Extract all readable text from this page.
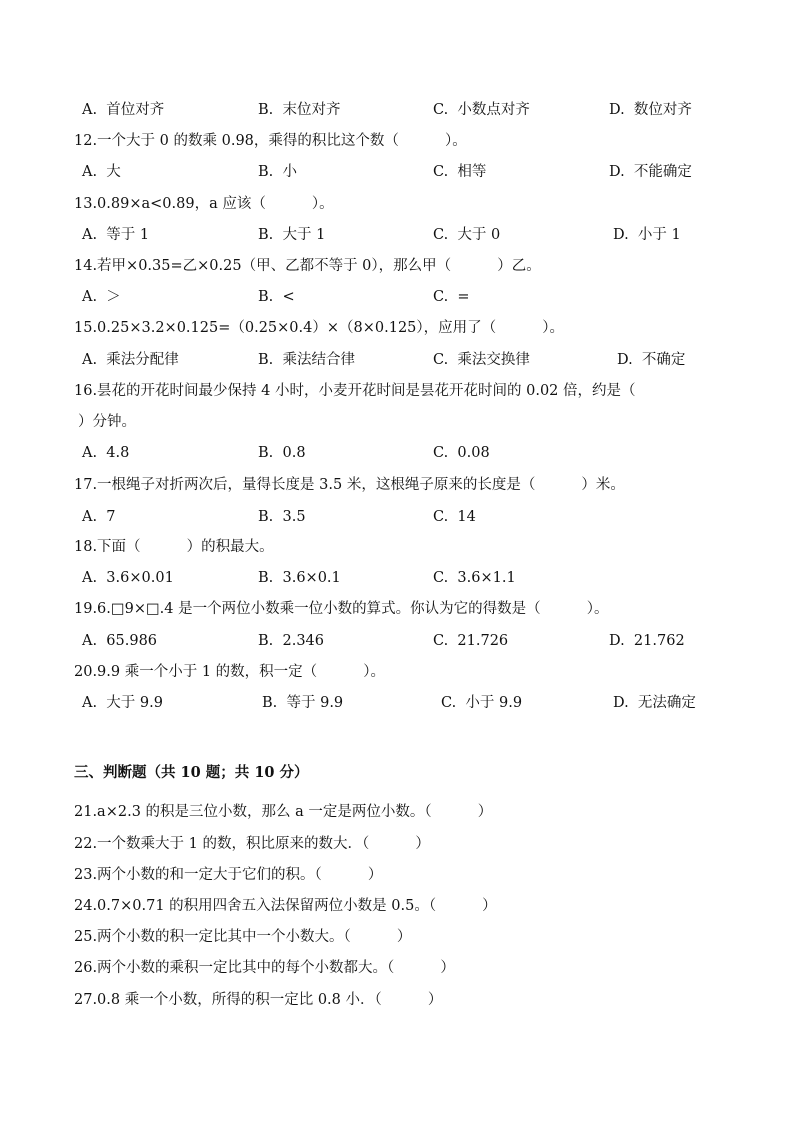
A.  首位对齐	B.  末位对齐	C.  小数点对齐	D.  数位对齐
12.一个大于 0 的数乘 0.98，乘得的积比这个数（          ）。
A.  大	B.  小	C.  相等	D.  不能确定
13.0.89×a<0.89，a 应该（          ）。
A.  等于 1	B.  大于 1	C.  大于 0	D.  小于 1
14.若甲×0.35=乙×0.25（甲、乙都不等于 0），那么甲（          ）乙。
A.  ＞	B.  <	C.  =
15.0.25×3.2×0.125=（0.25×0.4）×（8×0.125），应用了（          ）。
A.  乘法分配律	B.  乘法结合律	C.  乘法交换律	D.  不确定
16.昙花的开花时间最少保持 4 小时，小麦开花时间是昙花开花时间的 0.02 倍，约是（
）分钟。
A.  4.8	B.  0.8	C.  0.08
17.一根绳子对折两次后，量得长度是 3.5 米，这根绳子原来的长度是（          ）米。
A.  7	B.  3.5	C.  14
18.下面（          ）的积最大。
A.  3.6×0.01	B.  3.6×0.1	C.  3.6×1.1
19.6.□9×□.4 是一个两位小数乘一位小数的算式。你认为它的得数是（          ）。
A.  65.986	B.  2.346	C.  21.726	D.  21.762
20.9.9 乘一个小于 1 的数，积一定（          ）。
A.  大于 9.9	B.  等于 9.9	C.  小于 9.9	D.  无法确定
三、判断题（共 10 题；共 10 分）
21.a×2.3 的积是三位小数，那么 a 一定是两位小数。（          ）
22.一个数乘大于 1 的数，积比原来的数大．（          ）
23.两个小数的和一定大于它们的积。（          ）
24.0.7×0.71 的积用四舍五入法保留两位小数是 0.5。（          ）
25.两个小数的积一定比其中一个小数大。（          ）
26.两个小数的乘积一定比其中的每个小数都大。（          ）
27.0.8 乘一个小数，所得的积一定比 0.8 小．（          ）
